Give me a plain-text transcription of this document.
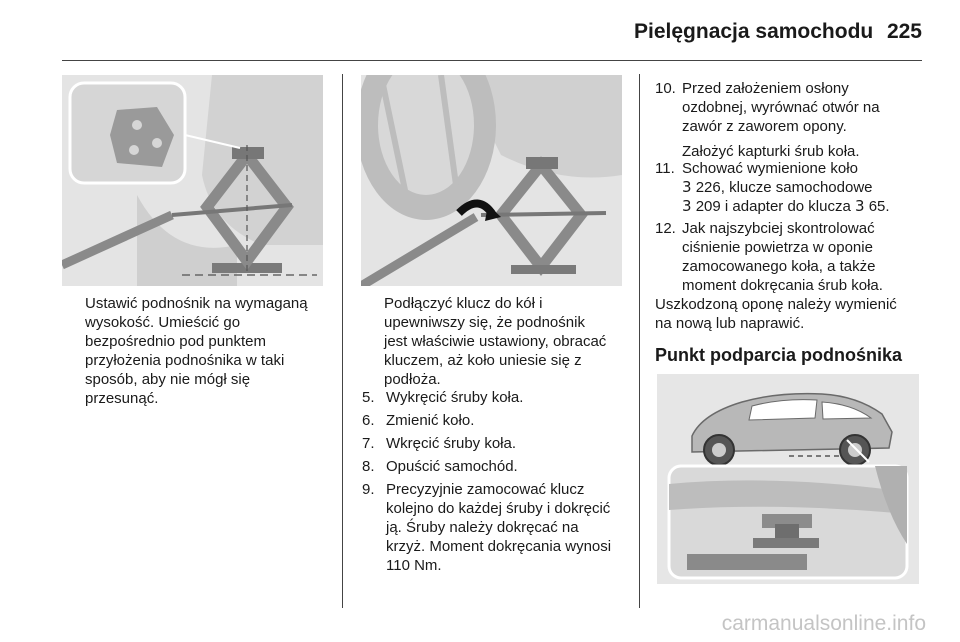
Pielęgnacja samochodu 225
Ustawić podnośnik na wymaganą
wysokość. Umieścić go
bezpośrednio pod punktem
przyłożenia podnośnika w taki
sposób, aby nie mógł się
przesunąć.
Podłączyć klucz do kół i
upewniwszy się, że podnośnik
jest właściwie ustawiony, obracać
kluczem, aż koło uniesie się z
podłoża.
5. Wykręcić śruby koła.
6. Zmienić koło.
7. Wkręcić śruby koła.
8. Opuścić samochód.
9. Precyzyjnie zamocować klucz
kolejno do każdej śruby i dokręcić
ją. Śruby należy dokręcać na
krzyż. Moment dokręcania wynosi
110 Nm.
10. Przed założeniem osłony
ozdobnej, wyrównać otwór na
zawór z zaworem opony.
Założyć kapturki śrub koła.
11. Schować wymienione koło
3 226, klucze samochodowe
3 209 i adapter do klucza 3 65.
12. Jak najszybciej skontrolować
ciśnienie powietrza w oponie
zamocowanego koła, a także
moment dokręcania śrub koła.
Uszkodzoną oponę należy wymienić
na nową lub naprawić.
Punkt podparcia podnośnika
carmanualsonline.info
